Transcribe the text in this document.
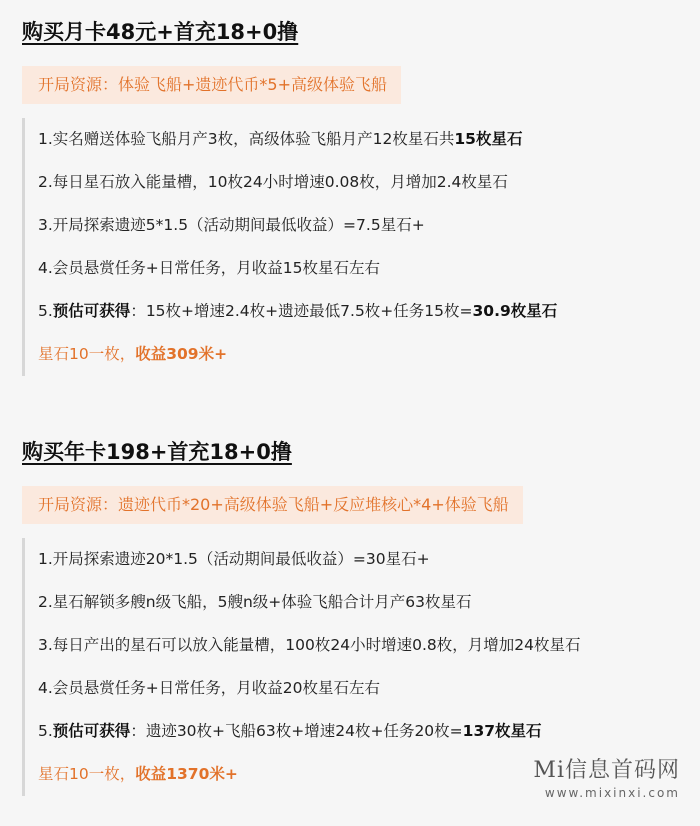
购买月卡48元+首充18+0撸
开局资源：体验飞船+遗迹代币*5+高级体验飞船
1.实名赠送体验飞船月产3枚，高级体验飞船月产12枚星石共15枚星石
2.每日星石放入能量槽，10枚24小时增速0.08枚，月增加2.4枚星石
3.开局探索遗迹5*1.5（活动期间最低收益）=7.5星石+
4.会员悬赏任务+日常任务，月收益15枚星石左右
5.预估可获得：15枚+增速2.4枚+遗迹最低7.5枚+任务15枚=30.9枚星石
星石10一枚，收益309米+
购买年卡198+首充18+0撸
开局资源：遗迹代币*20+高级体验飞船+反应堆核心*4+体验飞船
1.开局探索遗迹20*1.5（活动期间最低收益）=30星石+
2.星石解锁多艘n级飞船，5艘n级+体验飞船合计月产63枚星石
3.每日产出的星石可以放入能量槽，100枚24小时增速0.8枚，月增加24枚星石
4.会员悬赏任务+日常任务，月收益20枚星石左右
5.预估可获得：遗迹30枚+飞船63枚+增速24枚+任务20枚=137枚星石
星石10一枚，收益1370米+	Mi信息首码网
www.mixinxi.com
